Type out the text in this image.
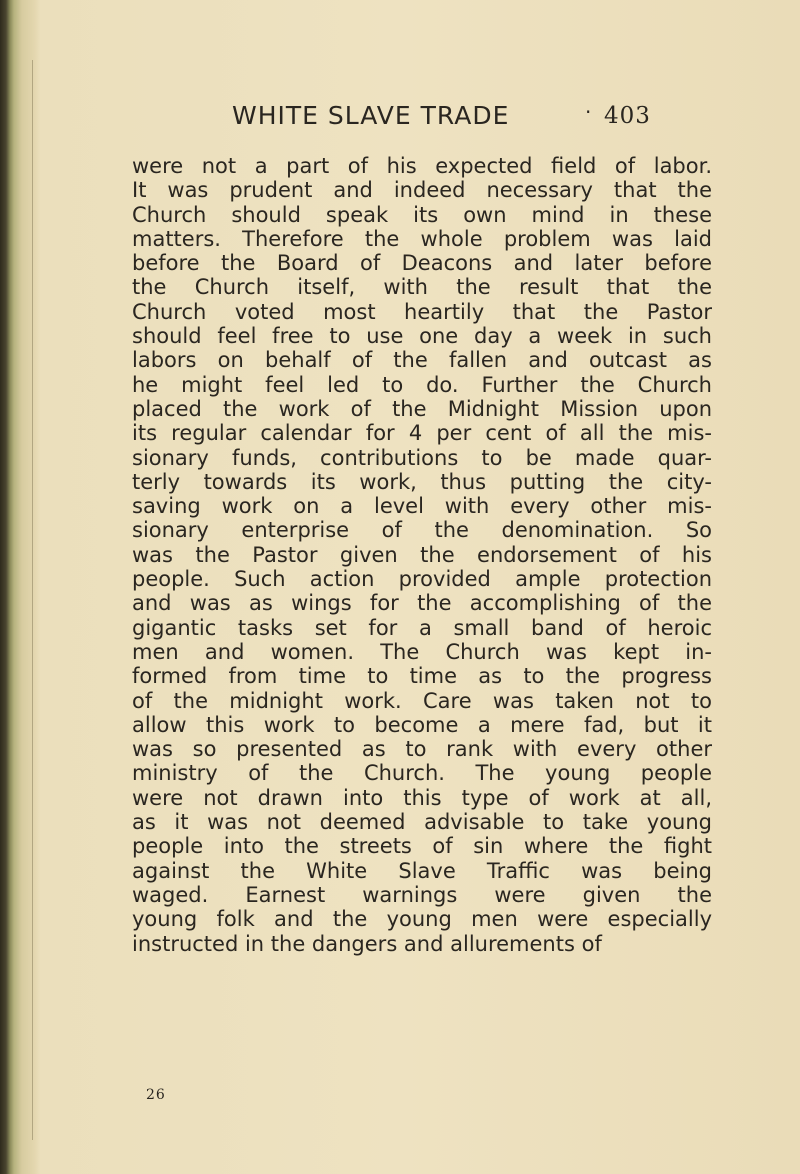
WHITE SLAVE TRADE	· 403
were not a part of his expected field of labor.
It was prudent and indeed necessary that the
Church should speak its own mind in these
matters. Therefore the whole problem was laid
before the Board of Deacons and later before
the Church itself, with the result that the
Church voted most heartily that the Pastor
should feel free to use one day a week in such
labors on behalf of the fallen and outcast as
he might feel led to do. Further the Church
placed the work of the Midnight Mission upon
its regular calendar for 4 per cent of all the mis-
sionary funds, contributions to be made quar-
terly towards its work, thus putting the city-
saving work on a level with every other mis-
sionary enterprise of the denomination. So
was the Pastor given the endorsement of his
people. Such action provided ample protection
and was as wings for the accomplishing of the
gigantic tasks set for a small band of heroic
men and women. The Church was kept in-
formed from time to time as to the progress
of the midnight work. Care was taken not to
allow this work to become a mere fad, but it
was so presented as to rank with every other
ministry of the Church. The young people
were not drawn into this type of work at all,
as it was not deemed advisable to take young
people into the streets of sin where the fight
against the White Slave Traffic was being
waged. Earnest warnings were given the
young folk and the young men were especially
instructed in the dangers and allurements of
26
